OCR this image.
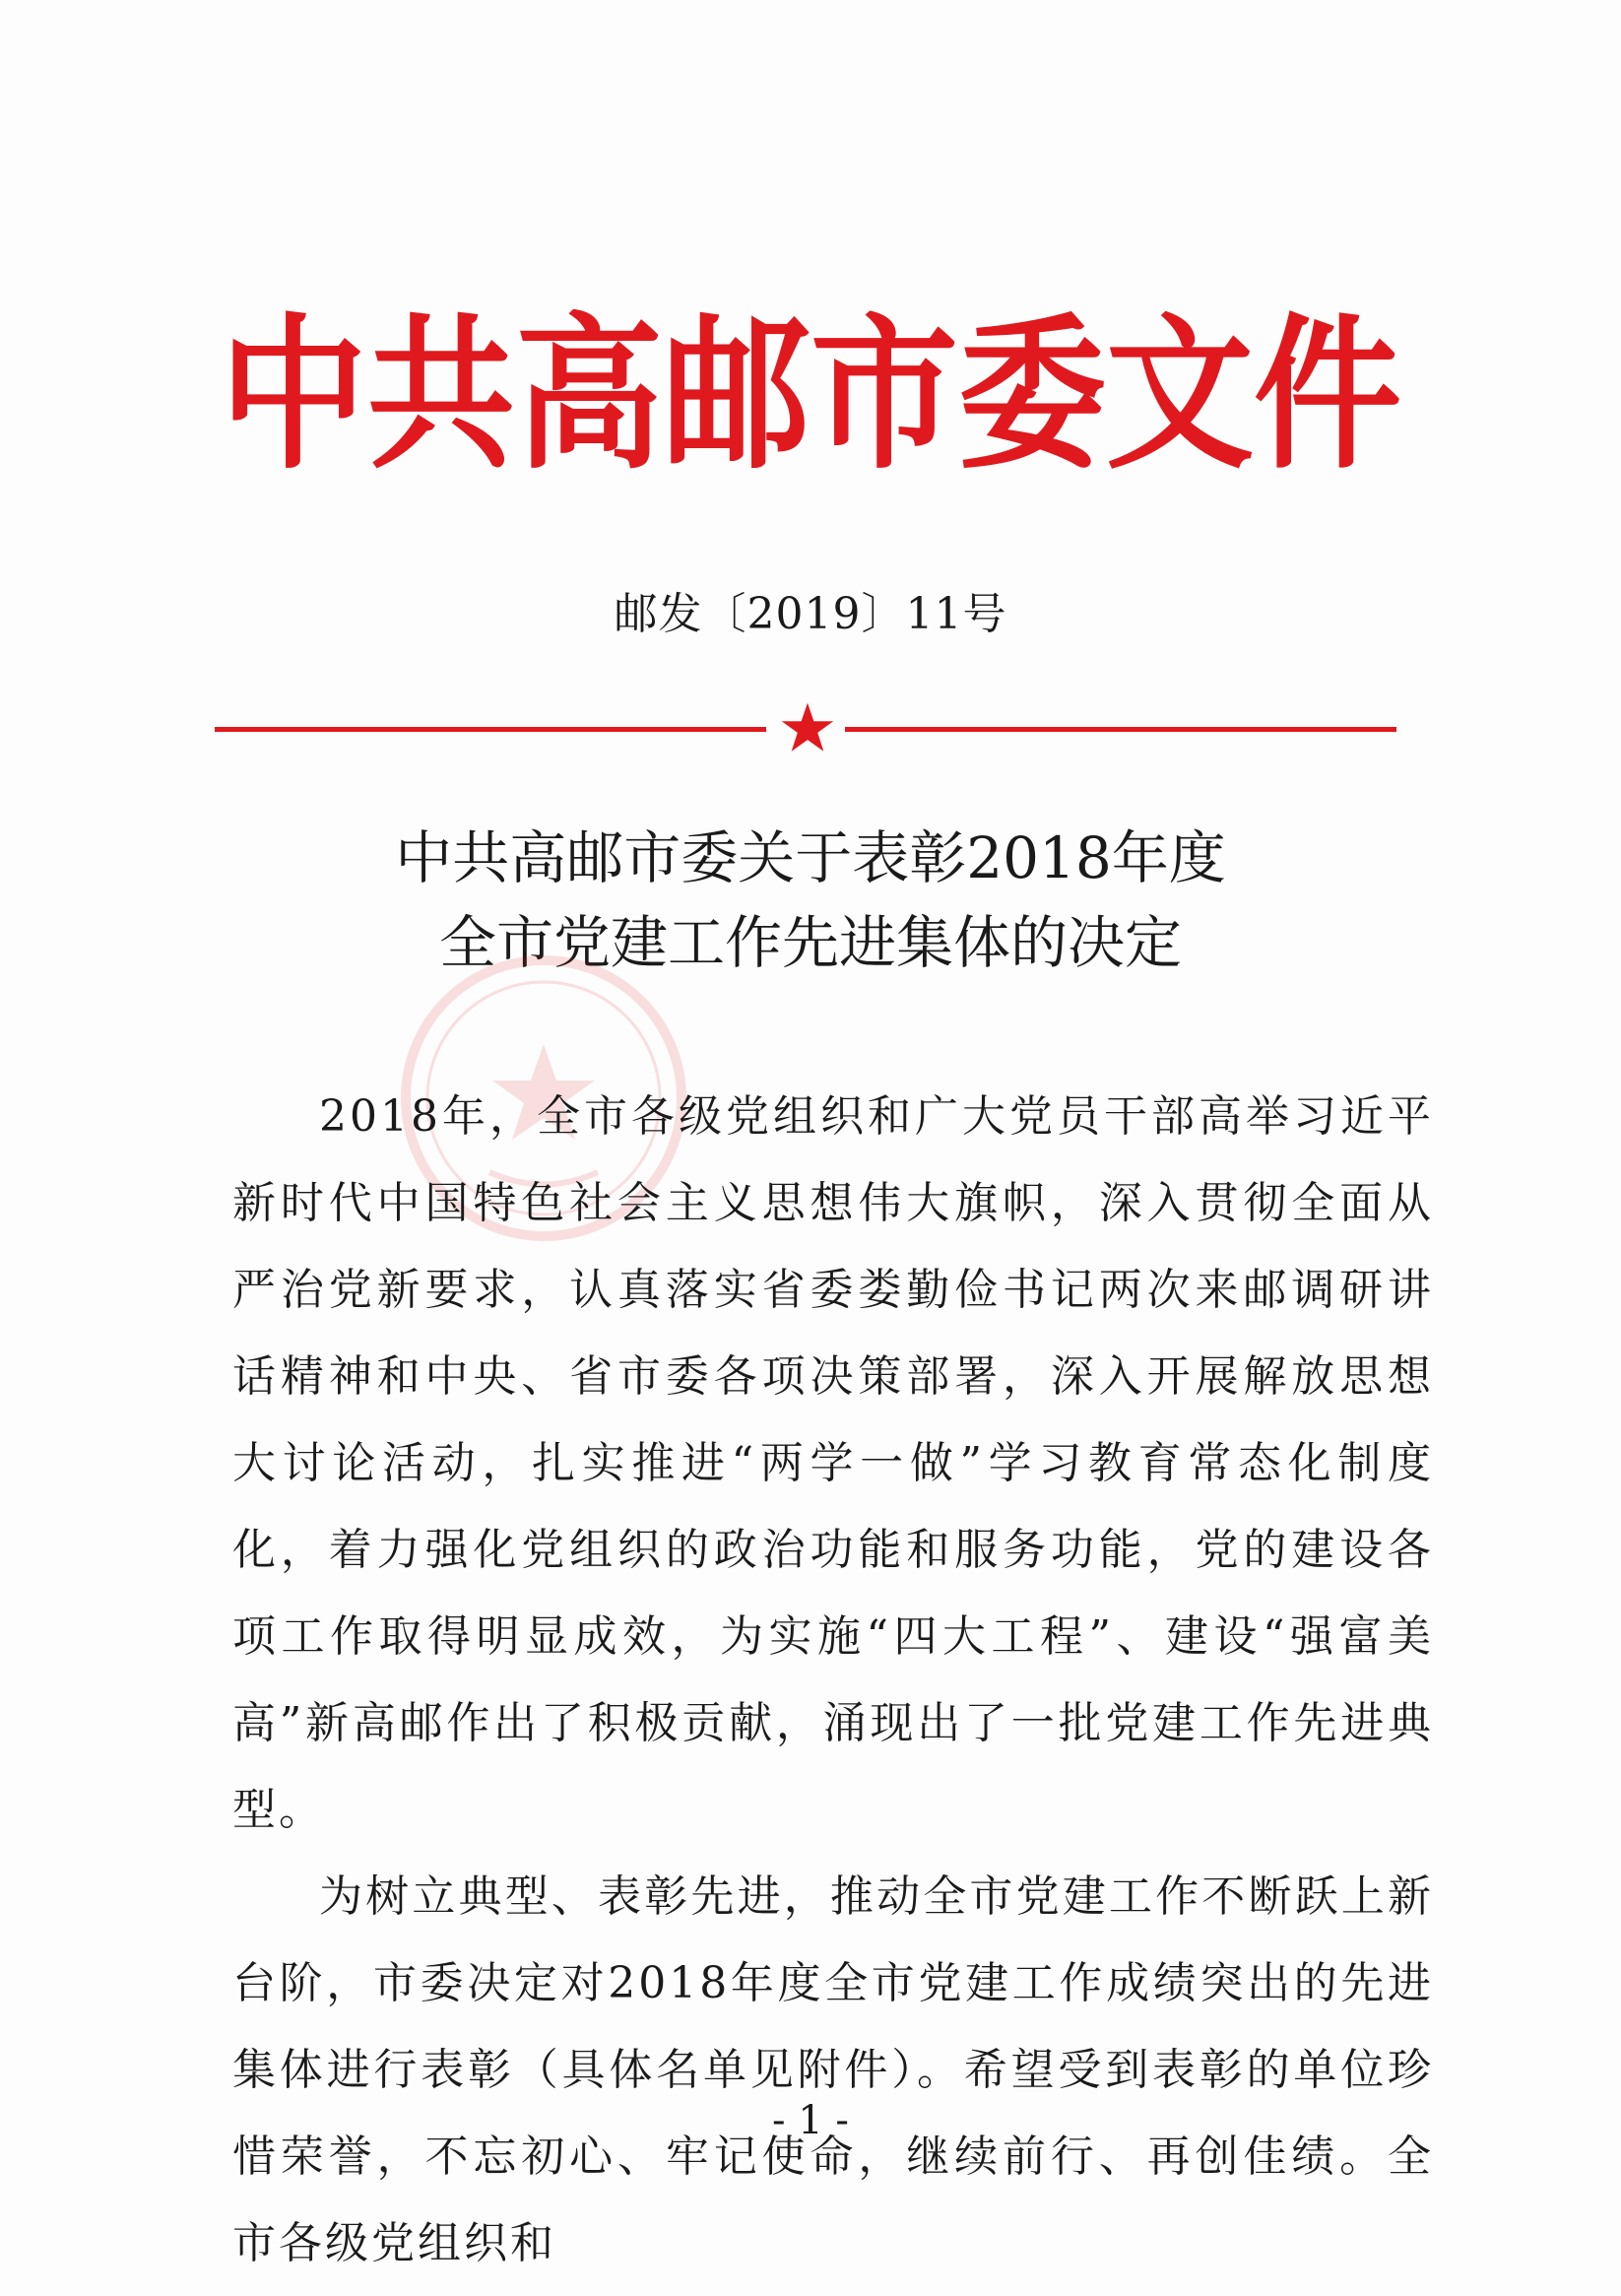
中共高邮市委文件
邮发〔2019〕11号
中共高邮市委关于表彰2018年度
全市党建工作先进集体的决定

2018年，全市各级党组织和广大党员干部高举习近平新时代中国特色社会主义思想伟大旗帜，深入贯彻全面从严治党新要求，认真落实省委娄勤俭书记两次来邮调研讲话精神和中央、省市委各项决策部署，深入开展解放思想大讨论活动，扎实推进“两学一做”学习教育常态化制度化，着力强化党组织的政治功能和服务功能，党的建设各项工作取得明显成效，为实施“四大工程”、建设“强富美高”新高邮作出了积极贡献，涌现出了一批党建工作先进典型。

为树立典型、表彰先进，推动全市党建工作不断跃上新台阶，市委决定对2018年度全市党建工作成绩突出的先进集体进行表彰（具体名单见附件）。希望受到表彰的单位珍惜荣誉，不忘初心、牢记使命，继续前行、再创佳绩。全市各级党组织和

- 1 -
